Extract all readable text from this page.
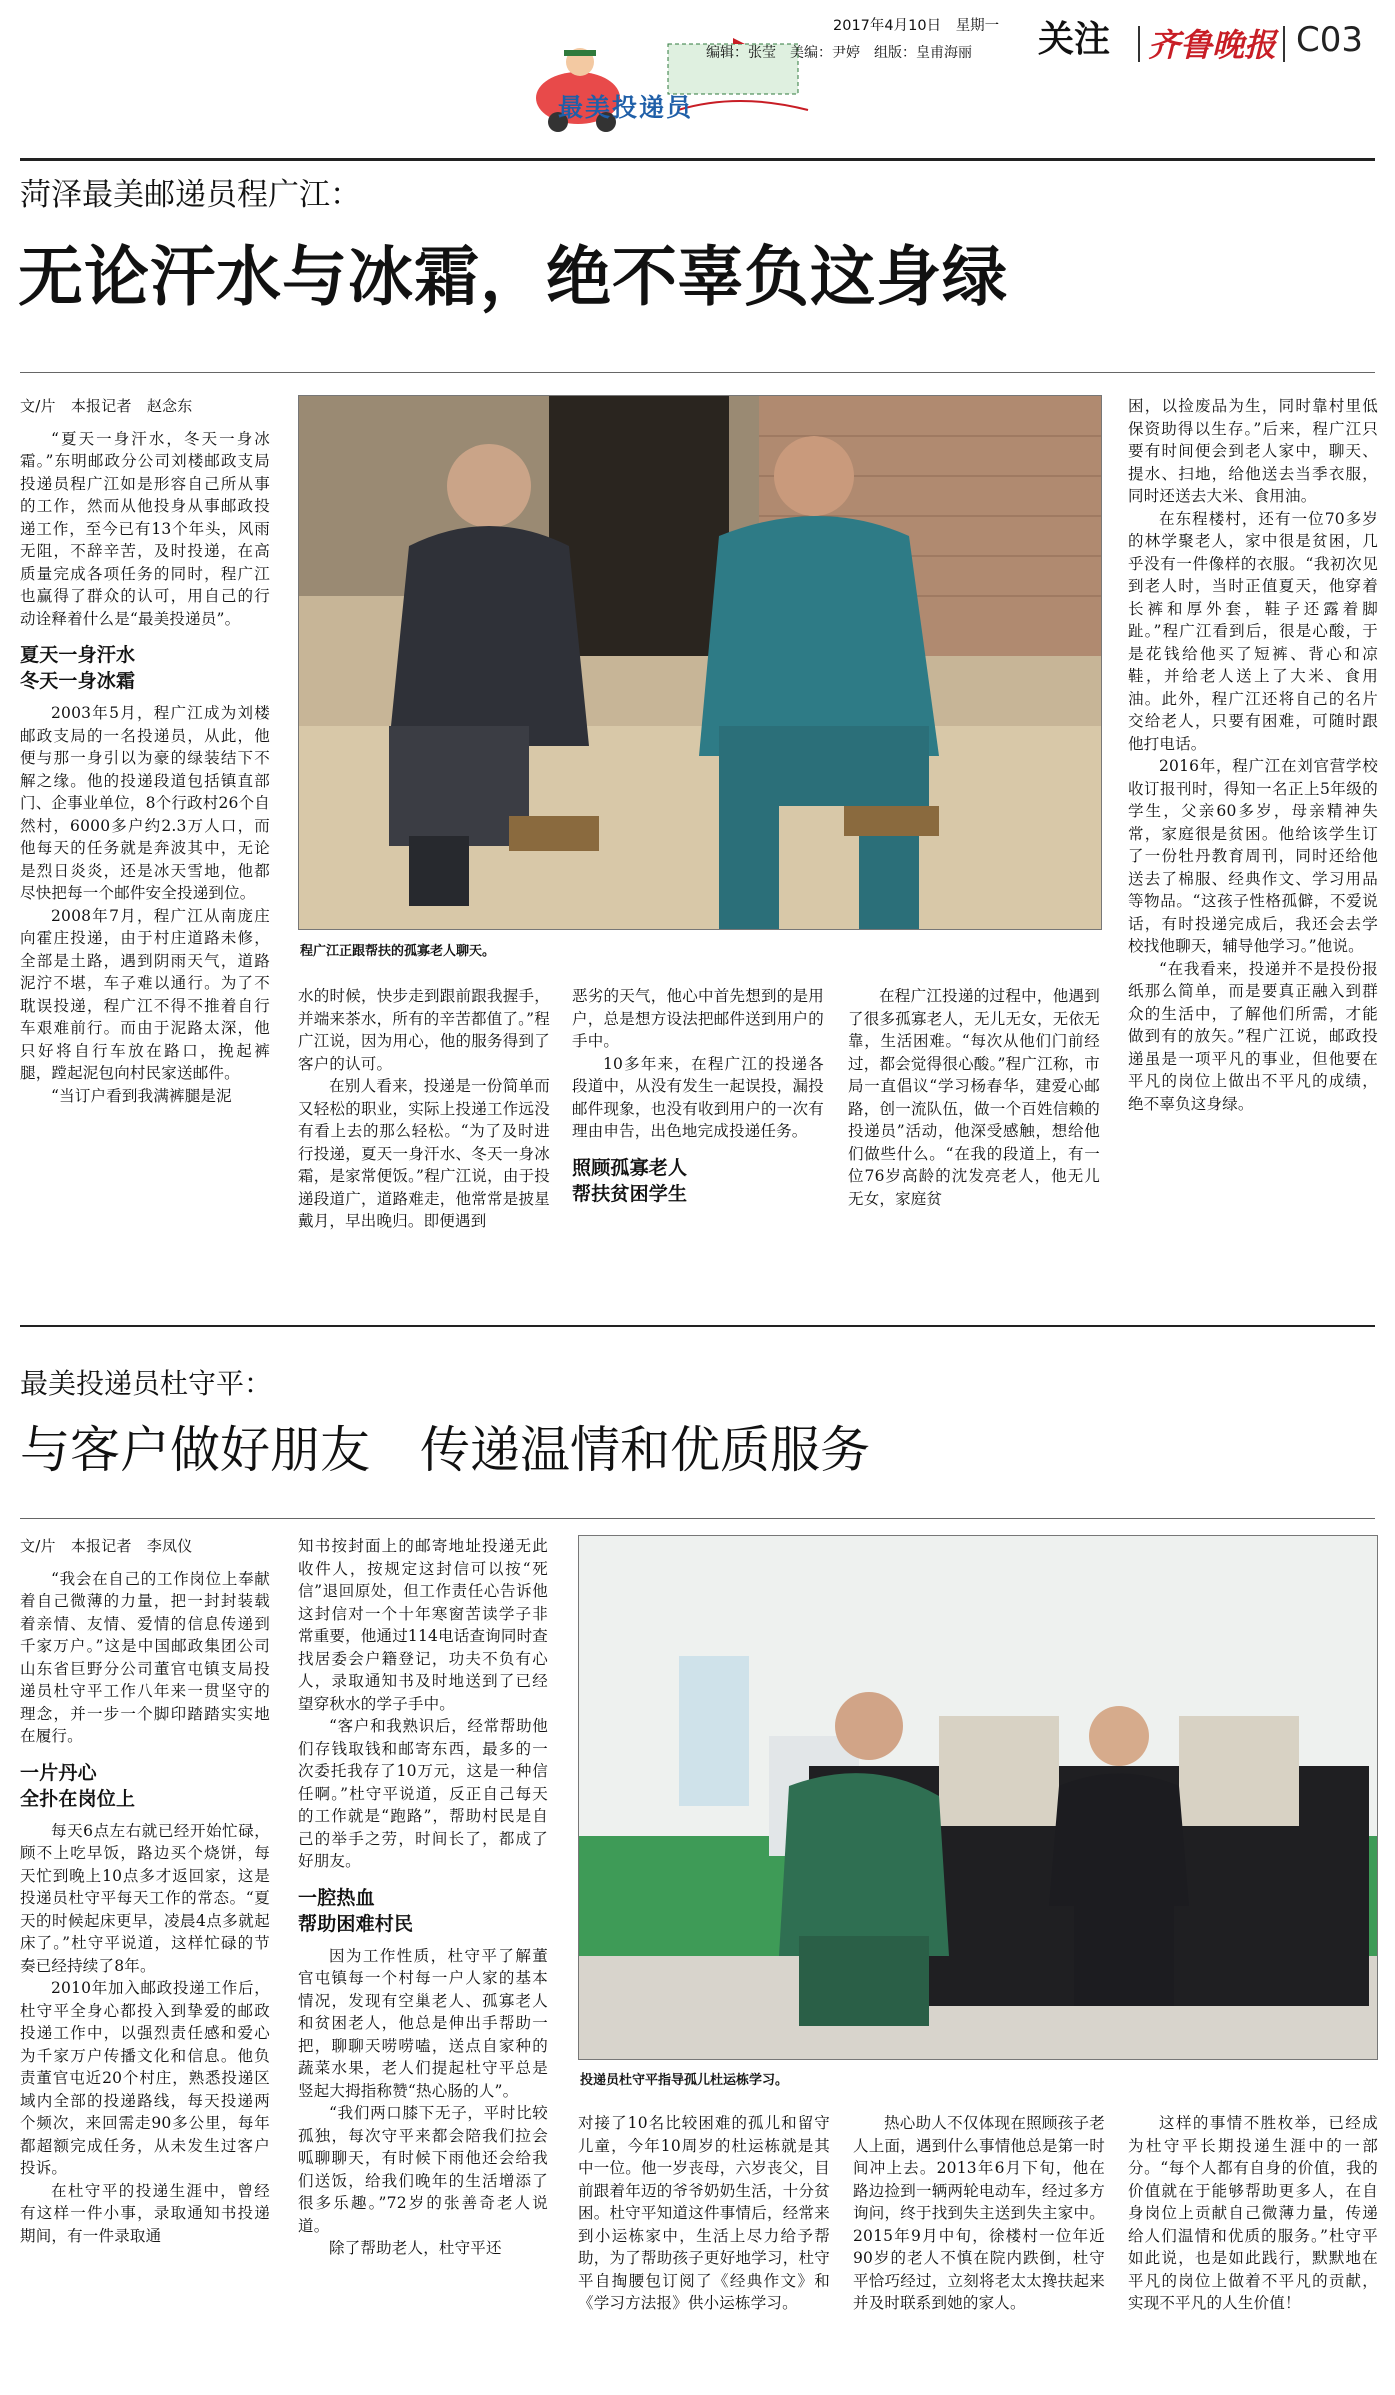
最美投递员
2017年4月10日 星期一
编辑：张莹　美编：尹婷　组版：皇甫海丽 关注 齐鲁晚报 C03
菏泽最美邮递员程广江：
无论汗水与冰霜，绝不辜负这身绿
文/片　本报记者　赵念东

“夏天一身汗水，冬天一身冰霜。”东明邮政分公司刘楼邮政支局投递员程广江如是形容自己所从事的工作，然而从他投身从事邮政投递工作，至今已有13个年头，风雨无阻，不辞辛苦，及时投递，在高质量完成各项任务的同时，程广江也赢得了群众的认可，用自己的行动诠释着什么是“最美投递员”。

夏天一身汗水
冬天一身冰霜

2003年5月，程广江成为刘楼邮政支局的一名投递员，从此，他便与那一身引以为豪的绿装结下不解之缘。他的投递段道包括镇直部门、企事业单位，8个行政村26个自然村，6000多户约2.3万人口，而他每天的任务就是奔波其中，无论是烈日炎炎，还是冰天雪地，他都尽快把每一个邮件安全投递到位。

2008年7月，程广江从南庞庄向霍庄投递，由于村庄道路未修，全部是土路，遇到阴雨天气，道路泥泞不堪，车子难以通行。为了不耽误投递，程广江不得不推着自行车艰难前行。而由于泥路太深，他只好将自行车放在路口，挽起裤腿，蹚起泥包向村民家送邮件。

“当订户看到我满裤腿是泥

程广江正跟帮扶的孤寡老人聊天。

水的时候，快步走到跟前跟我握手，并端来茶水，所有的辛苦都值了。”程广江说，因为用心，他的服务得到了客户的认可。

在别人看来，投递是一份简单而又轻松的职业，实际上投递工作远没有看上去的那么轻松。“为了及时进行投递，夏天一身汗水、冬天一身冰霜，是家常便饭。”程广江说，由于投递段道广，道路难走，他常常是披星戴月，早出晚归。即便遇到

恶劣的天气，他心中首先想到的是用户，总是想方设法把邮件送到用户的手中。

10多年来，在程广江的投递各段道中，从没有发生一起误投，漏投邮件现象，也没有收到用户的一次有理由申告，出色地完成投递任务。

照顾孤寡老人
帮扶贫困学生

在程广江投递的过程中，他遇到了很多孤寡老人，无儿无女，无依无靠，生活困难。“每次从他们门前经过，都会觉得很心酸。”程广江称，市局一直倡议“学习杨春华，建爱心邮路，创一流队伍，做一个百姓信赖的投递员”活动，他深受感触，想给他们做些什么。“在我的段道上，有一位76岁高龄的沈发亮老人，他无儿无女，家庭贫

困，以捡废品为生，同时靠村里低保资助得以生存。”后来，程广江只要有时间便会到老人家中，聊天、提水、扫地，给他送去当季衣服，同时还送去大米、食用油。

在东程楼村，还有一位70多岁的林学聚老人，家中很是贫困，几乎没有一件像样的衣服。“我初次见到老人时，当时正值夏天，他穿着长裤和厚外套，鞋子还露着脚趾。”程广江看到后，很是心酸，于是花钱给他买了短裤、背心和凉鞋，并给老人送上了大米、食用油。此外，程广江还将自己的名片交给老人，只要有困难，可随时跟他打电话。

2016年，程广江在刘官营学校收订报刊时，得知一名正上5年级的学生，父亲60多岁，母亲精神失常，家庭很是贫困。他给该学生订了一份牡丹教育周刊，同时还给他送去了棉服、经典作文、学习用品等物品。“这孩子性格孤僻，不爱说话，有时投递完成后，我还会去学校找他聊天，辅导他学习。”他说。

“在我看来，投递并不是投份报纸那么简单，而是要真正融入到群众的生活中，了解他们所需，才能做到有的放矢。”程广江说，邮政投递虽是一项平凡的事业，但他要在平凡的岗位上做出不平凡的成绩，绝不辜负这身绿。

最美投递员杜守平：
与客户做好朋友　传递温情和优质服务
文/片　本报记者　李凤仪

“我会在自己的工作岗位上奉献着自己微薄的力量，把一封封装载着亲情、友情、爱情的信息传递到千家万户。”这是中国邮政集团公司山东省巨野分公司董官屯镇支局投递员杜守平工作八年来一贯坚守的理念，并一步一个脚印踏踏实实地在履行。

一片丹心
全扑在岗位上

每天6点左右就已经开始忙碌，顾不上吃早饭，路边买个烧饼，每天忙到晚上10点多才返回家，这是投递员杜守平每天工作的常态。“夏天的时候起床更早，凌晨4点多就起床了。”杜守平说道，这样忙碌的节奏已经持续了8年。

2010年加入邮政投递工作后，杜守平全身心都投入到挚爱的邮政投递工作中，以强烈责任感和爱心为千家万户传播文化和信息。他负责董官屯近20个村庄，熟悉投递区域内全部的投递路线，每天投递两个频次，来回需走90多公里，每年都超额完成任务，从未发生过客户投诉。

在杜守平的投递生涯中，曾经有这样一件小事，录取通知书投递期间，有一件录取通

知书按封面上的邮寄地址投递无此收件人，按规定这封信可以按“死信”退回原处，但工作责任心告诉他这封信对一个十年寒窗苦读学子非常重要，他通过114电话查询同时查找居委会户籍登记，功夫不负有心人，录取通知书及时地送到了已经望穿秋水的学子手中。

“客户和我熟识后，经常帮助他们存钱取钱和邮寄东西，最多的一次委托我存了10万元，这是一种信任啊。”杜守平说道，反正自己每天的工作就是“跑路”，帮助村民是自己的举手之劳，时间长了，都成了好朋友。

一腔热血
帮助困难村民

因为工作性质，杜守平了解董官屯镇每一个村每一户人家的基本情况，发现有空巢老人、孤寡老人和贫困老人，他总是伸出手帮助一把，聊聊天唠唠嗑，送点自家种的蔬菜水果，老人们提起杜守平总是竖起大拇指称赞“热心肠的人”。

“我们两口膝下无子，平时比较孤独，每次守平来都会陪我们拉会呱聊聊天，有时候下雨他还会给我们送饭，给我们晚年的生活增添了很多乐趣。”72岁的张善奇老人说道。

除了帮助老人，杜守平还

投递员杜守平指导孤儿杜运栋学习。

对接了10名比较困难的孤儿和留守儿童，今年10周岁的杜运栋就是其中一位。他一岁丧母，六岁丧父，目前跟着年迈的爷爷奶奶生活，十分贫困。杜守平知道这件事情后，经常来到小运栋家中，生活上尽力给予帮助，为了帮助孩子更好地学习，杜守平自掏腰包订阅了《经典作文》和《学习方法报》供小运栋学习。

热心助人不仅体现在照顾孩子老人上面，遇到什么事情他总是第一时间冲上去。2013年6月下旬，他在路边捡到一辆两轮电动车，经过多方询问，终于找到失主送到失主家中。2015年9月中旬，徐楼村一位年近90岁的老人不慎在院内跌倒，杜守平恰巧经过，立刻将老太太搀扶起来并及时联系到她的家人。

这样的事情不胜枚举，已经成为杜守平长期投递生涯中的一部分。“每个人都有自身的价值，我的价值就在于能够帮助更多人，在自身岗位上贡献自己微薄力量，传递给人们温情和优质的服务。”杜守平如此说，也是如此践行，默默地在平凡的岗位上做着不平凡的贡献，实现不平凡的人生价值！
